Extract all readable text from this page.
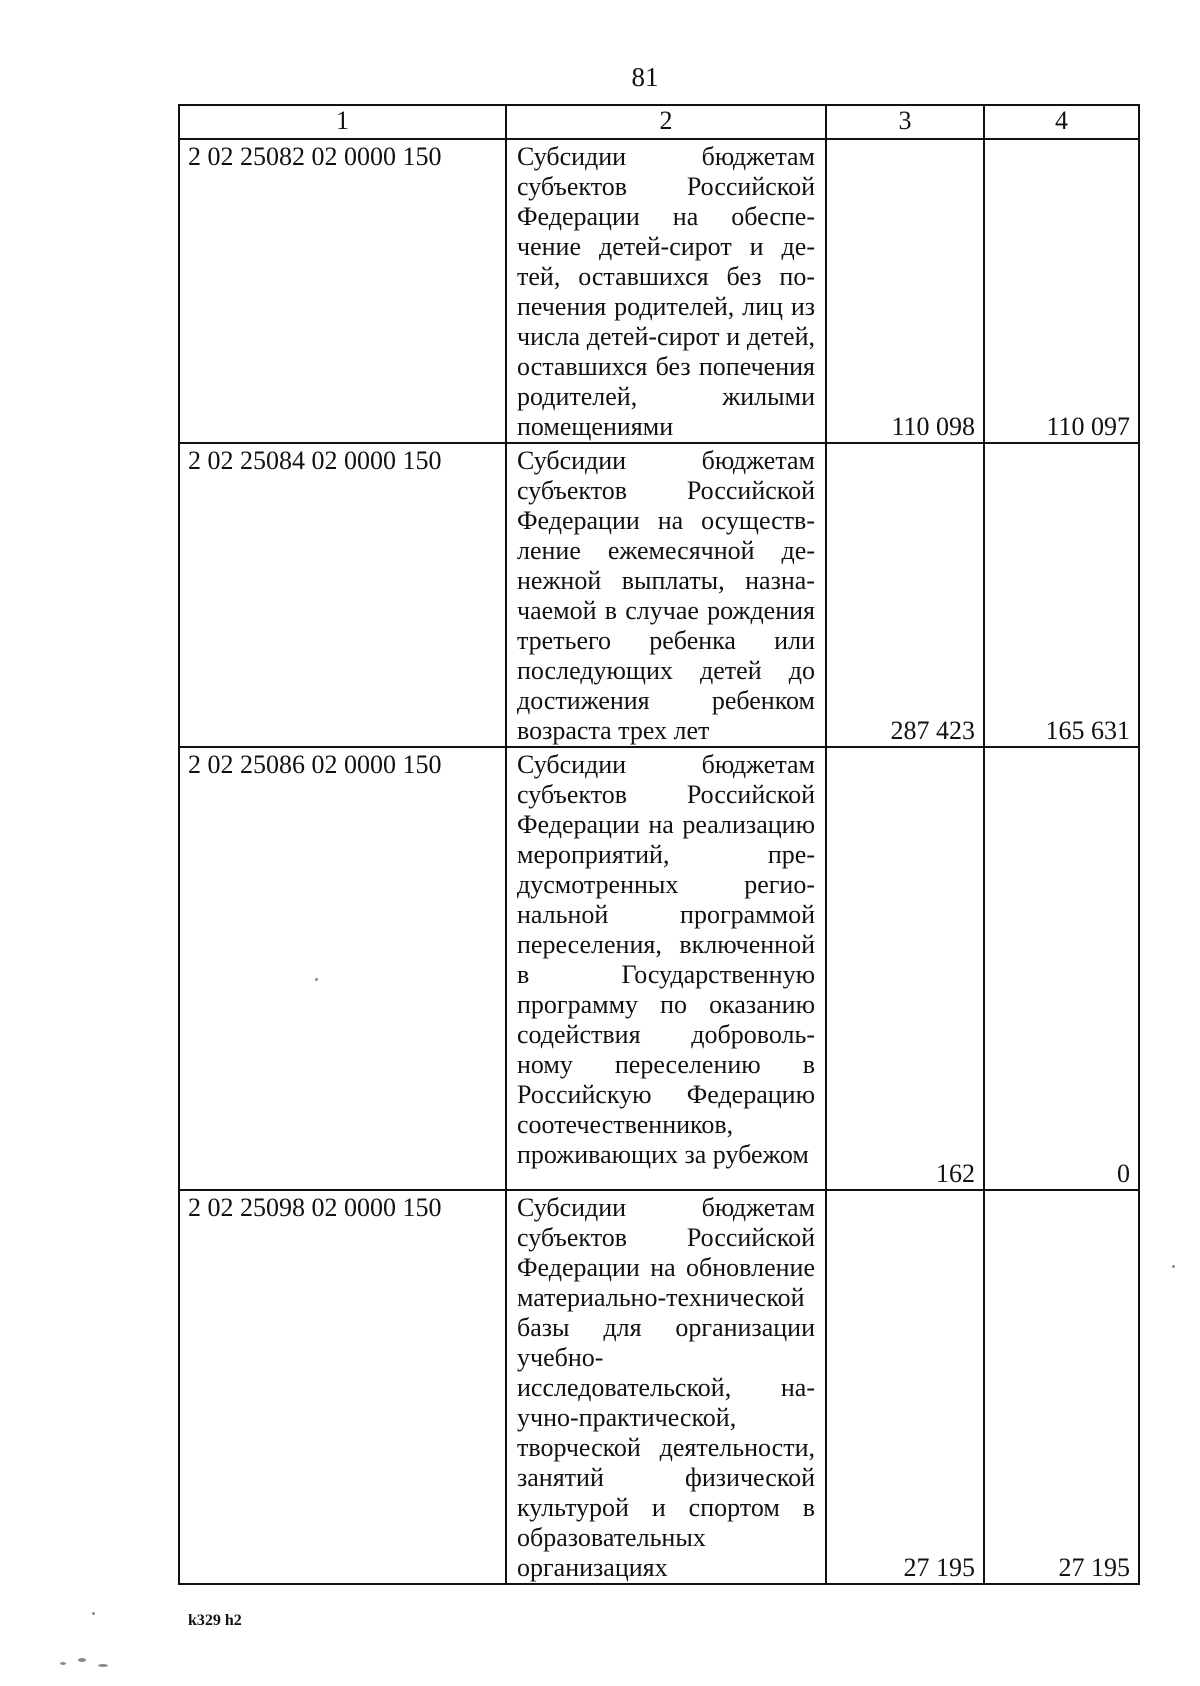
81
1	2	3	4
2 02 25082 02 0000 150	Субсидии бюджетам субъектов Российской Федерации на обеспечение детей-сирот и детей, оставшихся без попечения родителей, лиц из числа детей-сирот и детей, оставшихся без попечения родителей, жилыми помещениями	110 098	110 097
2 02 25084 02 0000 150	Субсидии бюджетам субъектов Российской Федерации на осуществление ежемесячной денежной выплаты, назначаемой в случае рождения третьего ребенка или последующих детей до достижения ребенком возраста трех лет	287 423	165 631
2 02 25086 02 0000 150	Субсидии бюджетам субъектов Российской Федерации на реализацию мероприятий, предусмотренных региональной программой переселения, включенной в Государственную программу по оказанию содействия добровольному переселению в Российскую Федерацию соотечественников, проживающих за рубежом	162	0
2 02 25098 02 0000 150	Субсидии бюджетам субъектов Российской Федерации на обновление материально-технической базы для организации учебно-исследовательской, научно-практической, творческой деятельности, занятий физической культурой и спортом в образовательных организациях	27 195	27 195
k329 h2
